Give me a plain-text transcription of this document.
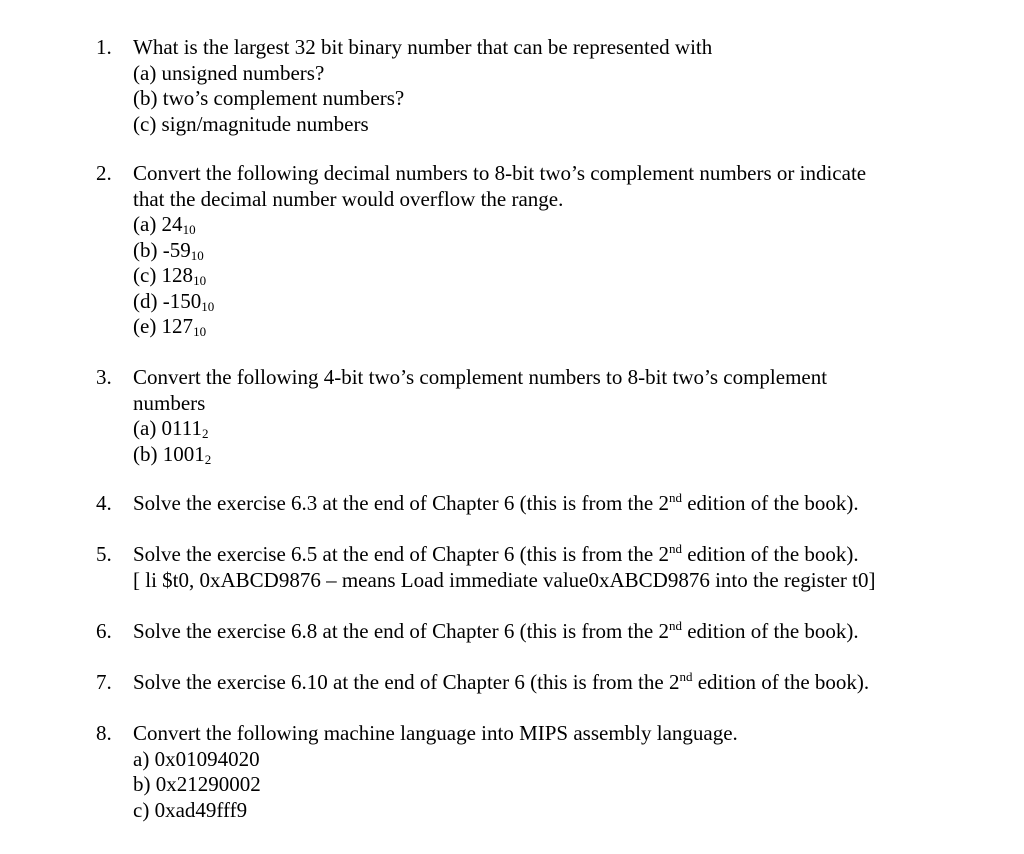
1.	What is the largest 32 bit binary number that can be represented with
(a) unsigned numbers?
(b) two’s complement numbers?
(c) sign/magnitude numbers
2.	Convert the following decimal numbers to 8-bit two’s complement numbers or indicate
that the decimal number would overflow the range.
(a) $24_{10}$
(b) $-59_{10}$
(c) $128_{10}$
(d) $-150_{10}$
(e) $127_{10}$
3.	Convert the following 4-bit two’s complement numbers to 8-bit two’s complement
numbers
(a) $0111_2$
(b) $1001_2$
4.	Solve the exercise 6.3 at the end of Chapter 6 (this is from the 2nd edition of the book).
5.	Solve the exercise 6.5 at the end of Chapter 6 (this is from the 2nd edition of the book).
[ li $t0, 0xABCD9876 – means Load immediate value0xABCD9876 into the register t0]
6.	Solve the exercise 6.8 at the end of Chapter 6 (this is from the 2nd edition of the book).
7.	Solve the exercise 6.10 at the end of Chapter 6 (this is from the 2nd edition of the book).
8.	Convert the following machine language into MIPS assembly language.
a) 0x01094020
b) 0x21290002
c) 0xad49fff9
